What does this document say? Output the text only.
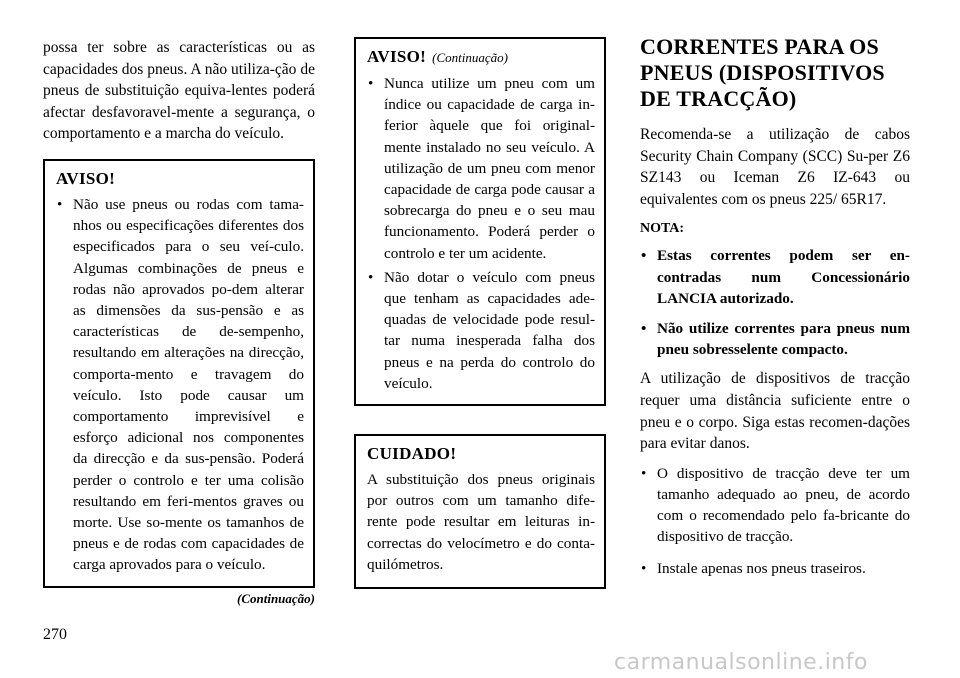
possa ter sobre as características ou as capacidades dos pneus. A não utiliza-ção de pneus de substituição equiva-lentes poderá afectar desfavoravel-mente a segurança, o comportamento e a marcha do veículo.

AVISO!
• Não use pneus ou rodas com tama-nhos ou especificações diferentes dos especificados para o seu veí-culo. Algumas combinações de pneus e rodas não aprovados po-dem alterar as dimensões da sus-pensão e as características de de-sempenho, resultando em alterações na direcção, comporta-mento e travagem do veículo. Isto pode causar um comportamento imprevisível e esforço adicional nos componentes da direcção e da sus-pensão. Poderá perder o controlo e ter uma colisão resultando em feri-mentos graves ou morte. Use so-mente os tamanhos de pneus e de rodas com capacidades de carga aprovados para o veículo.
(Continuação)
AVISO! (Continuação)
• Nunca utilize um pneu com um índice ou capacidade de carga in-ferior àquele que foi original-mente instalado no seu veículo. A utilização de um pneu com menor capacidade de carga pode causar a sobrecarga do pneu e o seu mau funcionamento. Poderá perder o controlo e ter um acidente.
• Não dotar o veículo com pneus que tenham as capacidades ade-quadas de velocidade pode resul-tar numa inesperada falha dos pneus e na perda do controlo do veículo.
CUIDADO!

A substituição dos pneus originais por outros com um tamanho dife-rente pode resultar em leituras in-correctas do velocímetro e do conta-quilómetros.

CORRENTES PARA OS PNEUS (DISPOSITIVOS DE TRACÇÃO)

Recomenda-se a utilização de cabos Security Chain Company (SCC) Su-per Z6 SZ143 ou Iceman Z6 IZ-643 ou equivalentes com os pneus 225/ 65R17.

NOTA:
• Estas correntes podem ser en-contradas num Concessionário LANCIA autorizado.
• Não utilize correntes para pneus num pneu sobresselente compacto.

A utilização de dispositivos de tracção requer uma distância suficiente entre o pneu e o corpo. Siga estas recomen-dações para evitar danos.

• O dispositivo de tracção deve ter um tamanho adequado ao pneu, de acordo com o recomendado pelo fa-bricante do dispositivo de tracção.
• Instale apenas nos pneus traseiros.
270
carmanualsonline.info
